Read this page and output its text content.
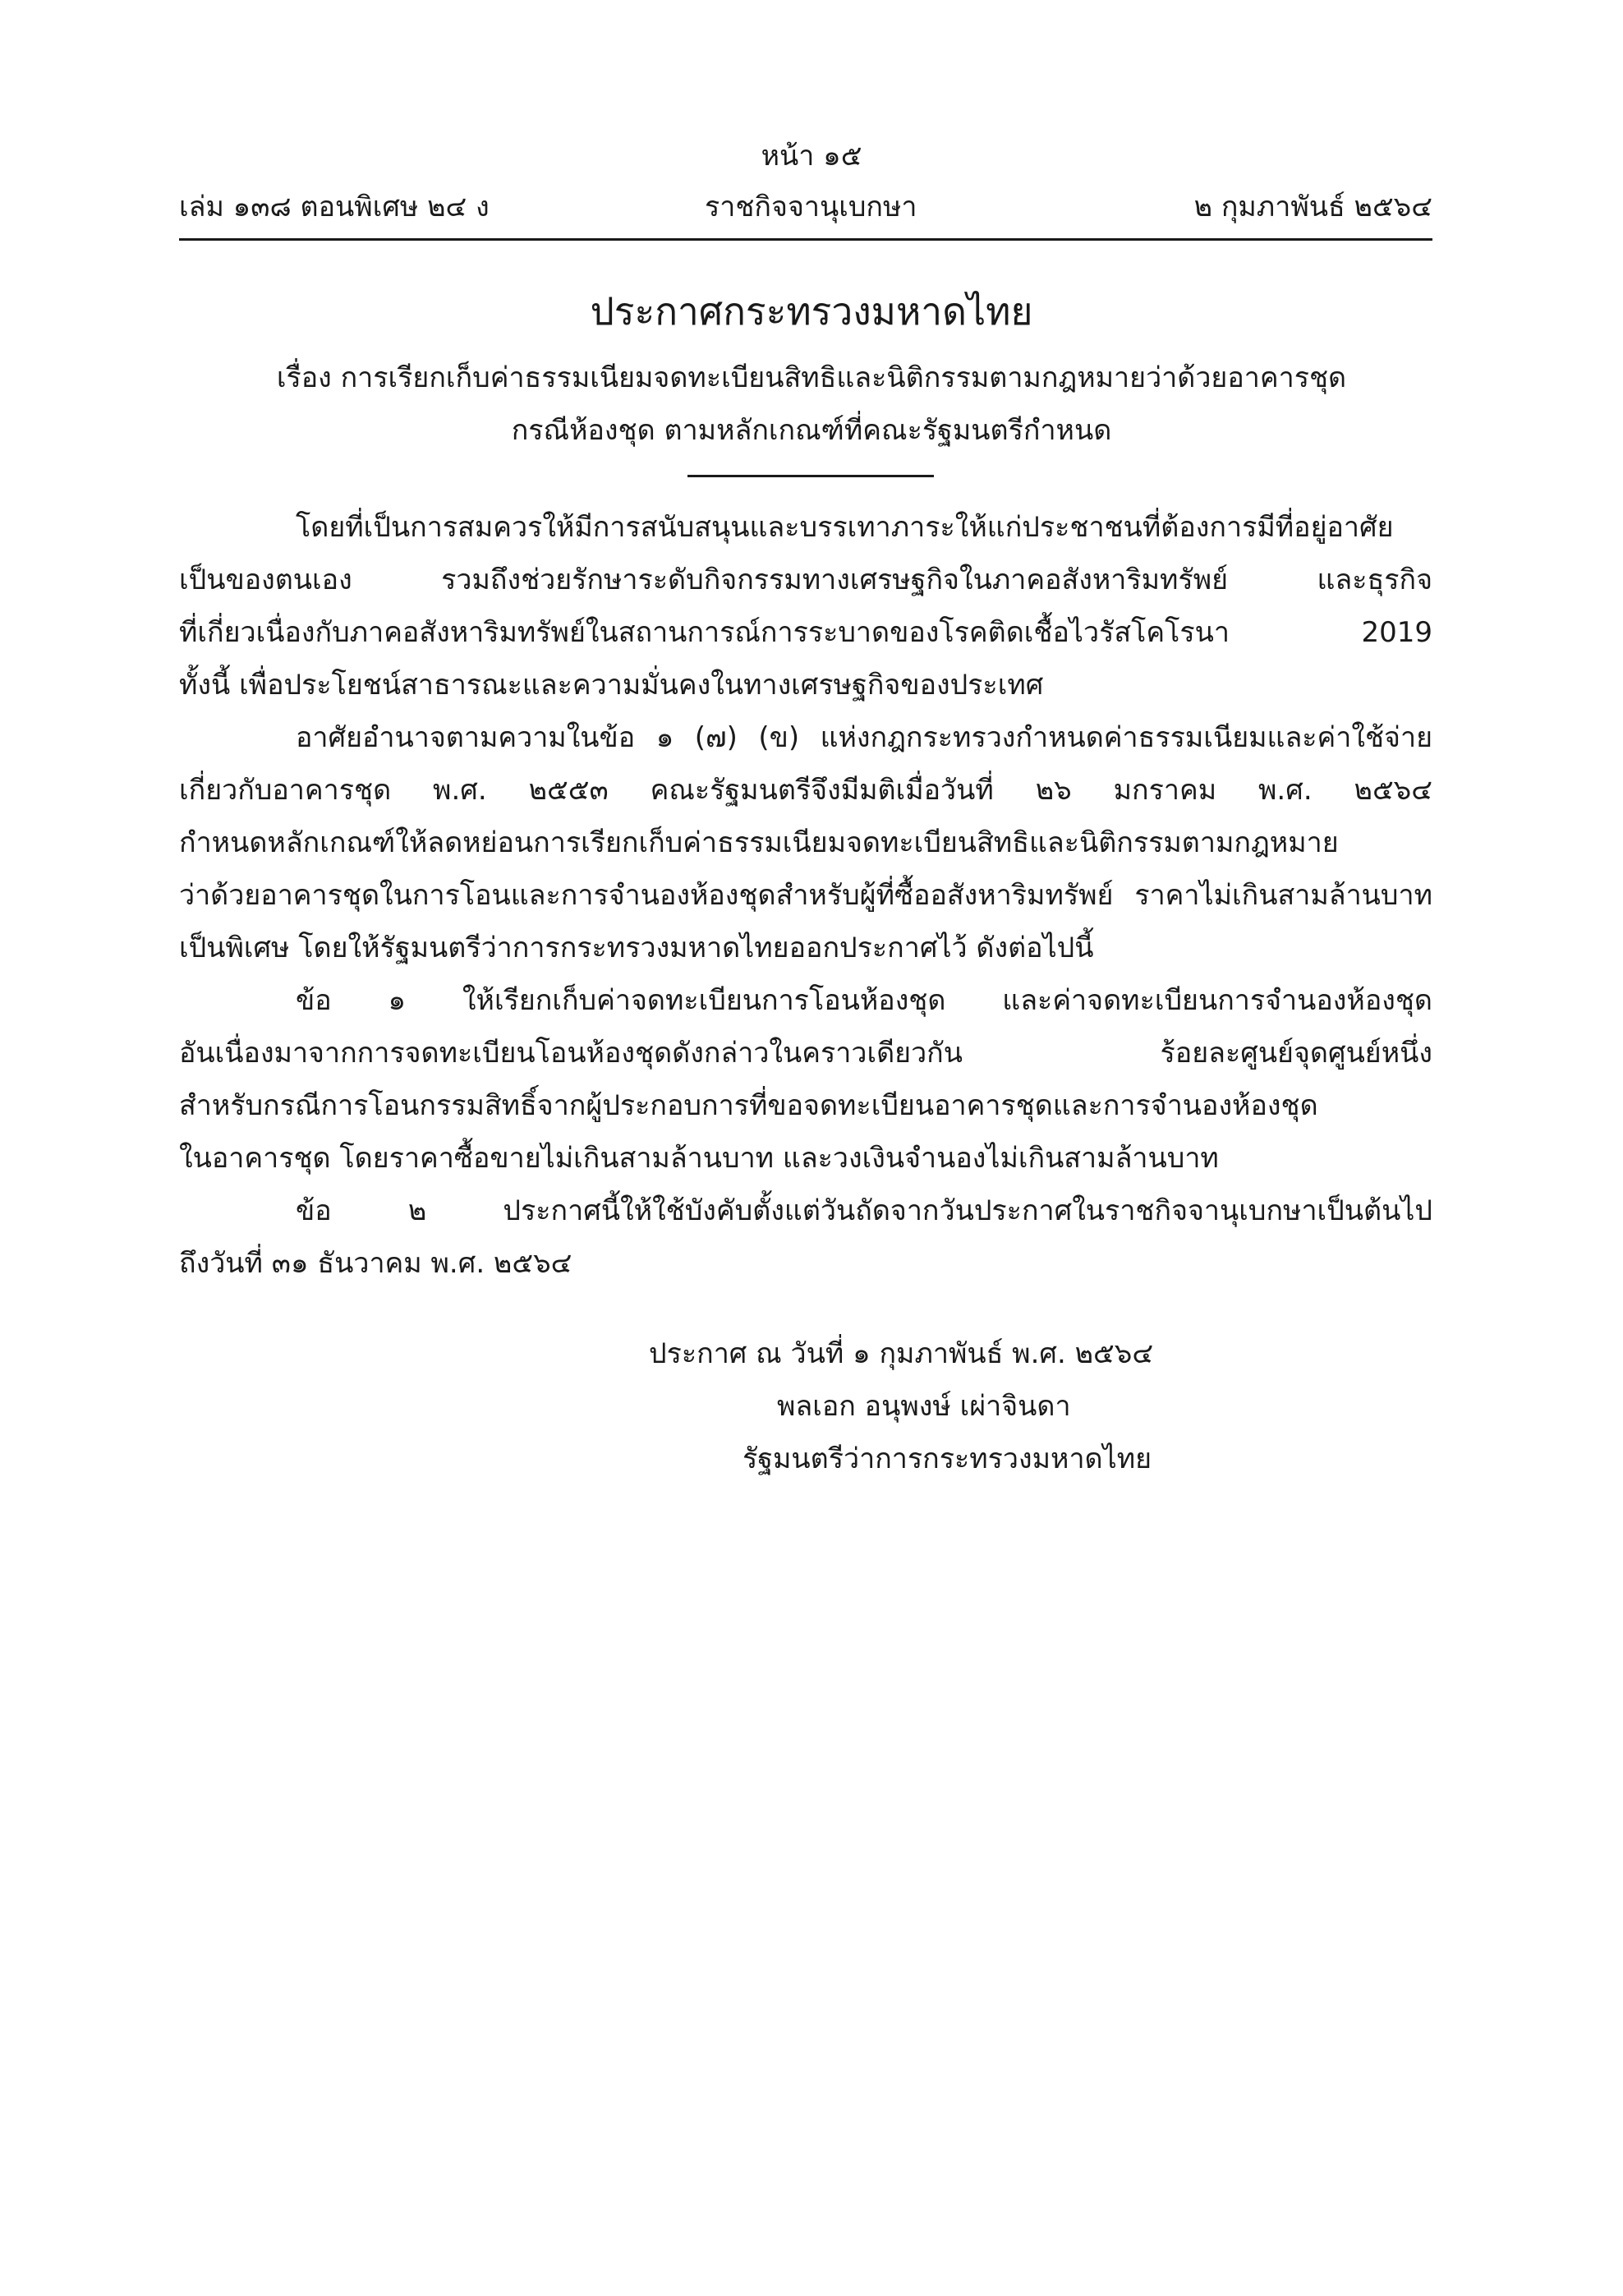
หน้า ๑๕
เล่ม ๑๓๘ ตอนพิเศษ ๒๔ ง	ราชกิจจานุเบกษา	๒ กุมภาพันธ์ ๒๕๖๔
ประกาศกระทรวงมหาดไทย
เรื่อง การเรียกเก็บค่าธรรมเนียมจดทะเบียนสิทธิและนิติกรรมตามกฎหมายว่าด้วยอาคารชุด
กรณีห้องชุด ตามหลักเกณฑ์ที่คณะรัฐมนตรีกำหนด
โดยที่เป็นการสมควรให้มีการสนับสนุนและบรรเทาภาระให้แก่ประชาชนที่ต้องการมีที่อยู่อาศัย
เป็นของตนเอง รวมถึงช่วยรักษาระดับกิจกรรมทางเศรษฐกิจในภาคอสังหาริมทรัพย์ และธุรกิจ
ที่เกี่ยวเนื่องกับภาคอสังหาริมทรัพย์ในสถานการณ์การระบาดของโรคติดเชื้อไวรัสโคโรนา 2019
ทั้งนี้ เพื่อประโยชน์สาธารณะและความมั่นคงในทางเศรษฐกิจของประเทศ
อาศัยอำนาจตามความในข้อ ๑ (๗) (ข) แห่งกฎกระทรวงกำหนดค่าธรรมเนียมและค่าใช้จ่าย
เกี่ยวกับอาคารชุด พ.ศ. ๒๕๕๓ คณะรัฐมนตรีจึงมีมติเมื่อวันที่ ๒๖ มกราคม พ.ศ. ๒๕๖๔
กำหนดหลักเกณฑ์ให้ลดหย่อนการเรียกเก็บค่าธรรมเนียมจดทะเบียนสิทธิและนิติกรรมตามกฎหมาย
ว่าด้วยอาคารชุดในการโอนและการจำนองห้องชุดสำหรับผู้ที่ซื้ออสังหาริมทรัพย์ ราคาไม่เกินสามล้านบาท
เป็นพิเศษ โดยให้รัฐมนตรีว่าการกระทรวงมหาดไทยออกประกาศไว้ ดังต่อไปนี้
ข้อ ๑ ให้เรียกเก็บค่าจดทะเบียนการโอนห้องชุด และค่าจดทะเบียนการจำนองห้องชุด
อันเนื่องมาจากการจดทะเบียนโอนห้องชุดดังกล่าวในคราวเดียวกัน ร้อยละศูนย์จุดศูนย์หนึ่ง
สำหรับกรณีการโอนกรรมสิทธิ์จากผู้ประกอบการที่ขอจดทะเบียนอาคารชุดและการจำนองห้องชุด
ในอาคารชุด โดยราคาซื้อขายไม่เกินสามล้านบาท และวงเงินจำนองไม่เกินสามล้านบาท
ข้อ ๒ ประกาศนี้ให้ใช้บังคับตั้งแต่วันถัดจากวันประกาศในราชกิจจานุเบกษาเป็นต้นไป
ถึงวันที่ ๓๑ ธันวาคม พ.ศ. ๒๕๖๔
ประกาศ ณ วันที่ ๑ กุมภาพันธ์ พ.ศ. ๒๕๖๔
พลเอก อนุพงษ์ เผ่าจินดา
รัฐมนตรีว่าการกระทรวงมหาดไทย
